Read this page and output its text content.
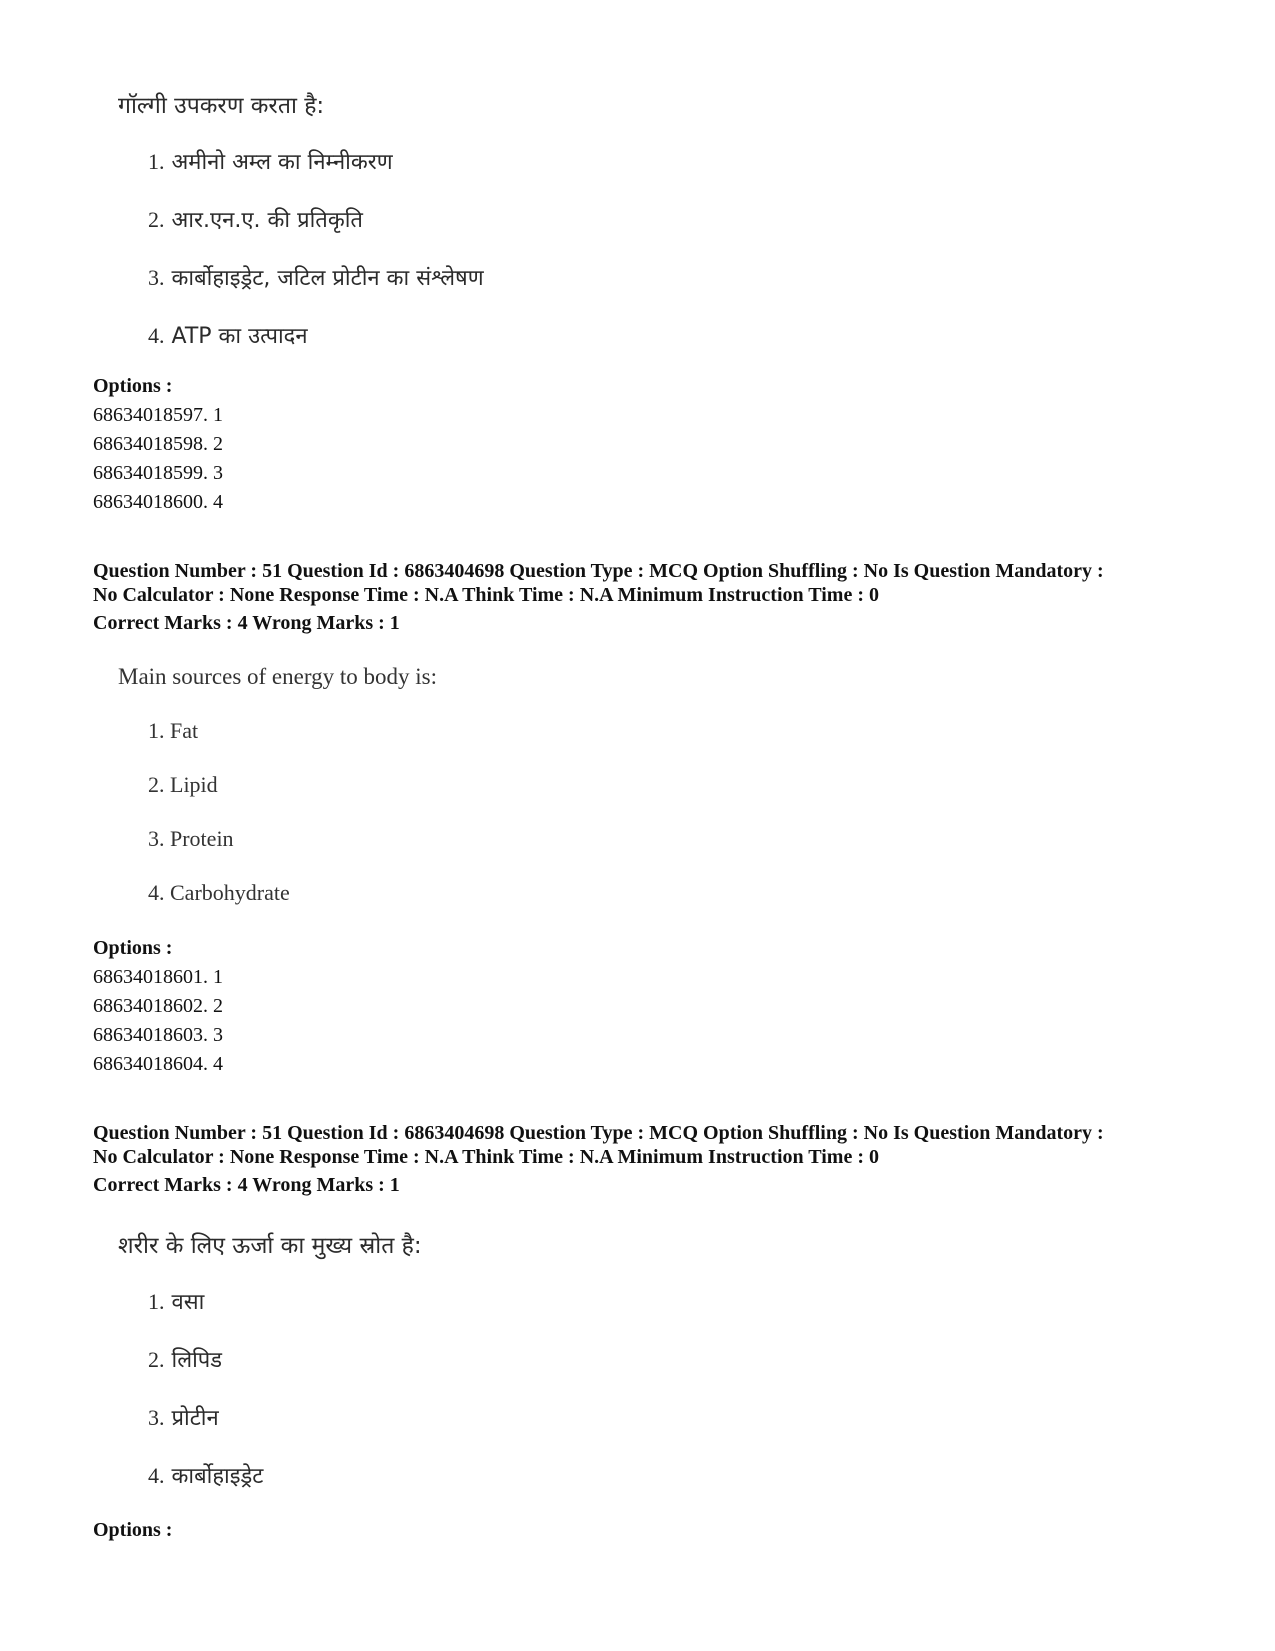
गॉल्गी उपकरण करता है:
1. अमीनो अम्ल का निम्नीकरण
2. आर.एन.ए. की प्रतिकृति
3. कार्बोहाइड्रेट, जटिल प्रोटीन का संश्लेषण
4. ATP का उत्पादन
Options :
68634018597. 1
68634018598. 2
68634018599. 3
68634018600. 4
Question Number : 51 Question Id : 6863404698 Question Type : MCQ Option Shuffling : No Is Question Mandatory :
No Calculator : None Response Time : N.A Think Time : N.A Minimum Instruction Time : 0
Correct Marks : 4 Wrong Marks : 1
Main sources of energy to body is:
1. Fat
2. Lipid
3. Protein
4. Carbohydrate
Options :
68634018601. 1
68634018602. 2
68634018603. 3
68634018604. 4
Question Number : 51 Question Id : 6863404698 Question Type : MCQ Option Shuffling : No Is Question Mandatory :
No Calculator : None Response Time : N.A Think Time : N.A Minimum Instruction Time : 0
Correct Marks : 4 Wrong Marks : 1
शरीर के लिए ऊर्जा का मुख्य स्रोत है:
1. वसा
2. लिपिड
3. प्रोटीन
4. कार्बोहाइड्रेट
Options :
